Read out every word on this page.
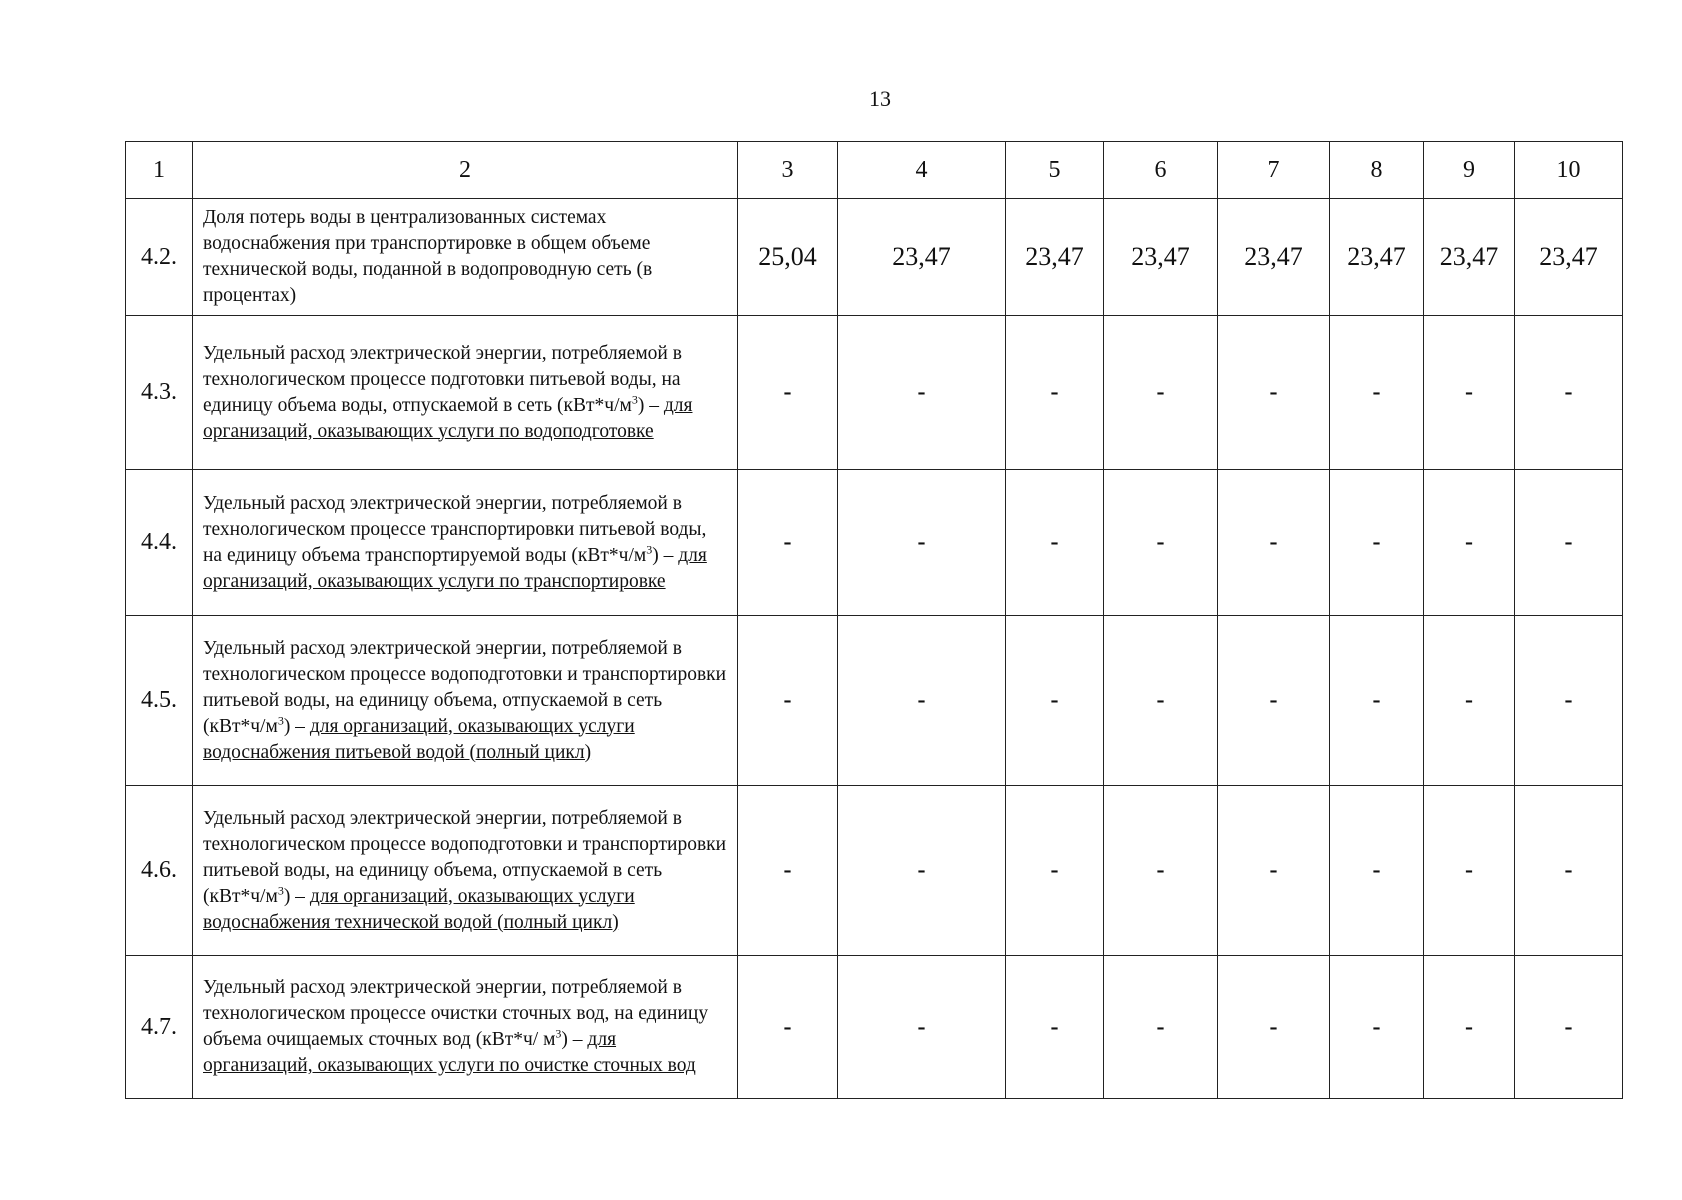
13
1	2	3	4	5	6	7	8	9	10
4.2.	Доля потерь воды в централизованных системах водоснабжения при транспортировке в общем объеме технической воды, поданной в водопроводную сеть (в процентах)	25,04	23,47	23,47	23,47	23,47	23,47	23,47	23,47
4.3.	Удельный расход электрической энергии, потребляемой в технологическом процессе подготовки питьевой воды, на единицу объема воды, отпускаемой в сеть $(кВт*ч/м^3)$ – для организаций, оказывающих услуги по водоподготовке	-	-	-	-	-	-	-	-
4.4.	Удельный расход электрической энергии, потребляемой в технологическом процессе транспортировки питьевой воды, на единицу объема транспортируемой воды $(кВт*ч/м^3)$ – для организаций, оказывающих услуги по транспортировке	-	-	-	-	-	-	-	-
4.5.	Удельный расход электрической энергии, потребляемой в технологическом процессе водоподготовки и транспортировки питьевой воды, на единицу объема, отпускаемой в сеть $(кВт*ч/м^3)$ – для организаций, оказывающих услуги водоснабжения питьевой водой (полный цикл)	-	-	-	-	-	-	-	-
4.6.	Удельный расход электрической энергии, потребляемой в технологическом процессе водоподготовки и транспортировки питьевой воды, на единицу объема, отпускаемой в сеть $(кВт*ч/м^3)$ – для организаций, оказывающих услуги водоснабжения технической водой (полный цикл)	-	-	-	-	-	-	-	-
4.7.	Удельный расход электрической энергии, потребляемой в технологическом процессе очистки сточных вод, на единицу объема очищаемых сточных вод (кВт*ч/ $м^3$) – для организаций, оказывающих услуги по очистке сточных вод	-	-	-	-	-	-	-	-
